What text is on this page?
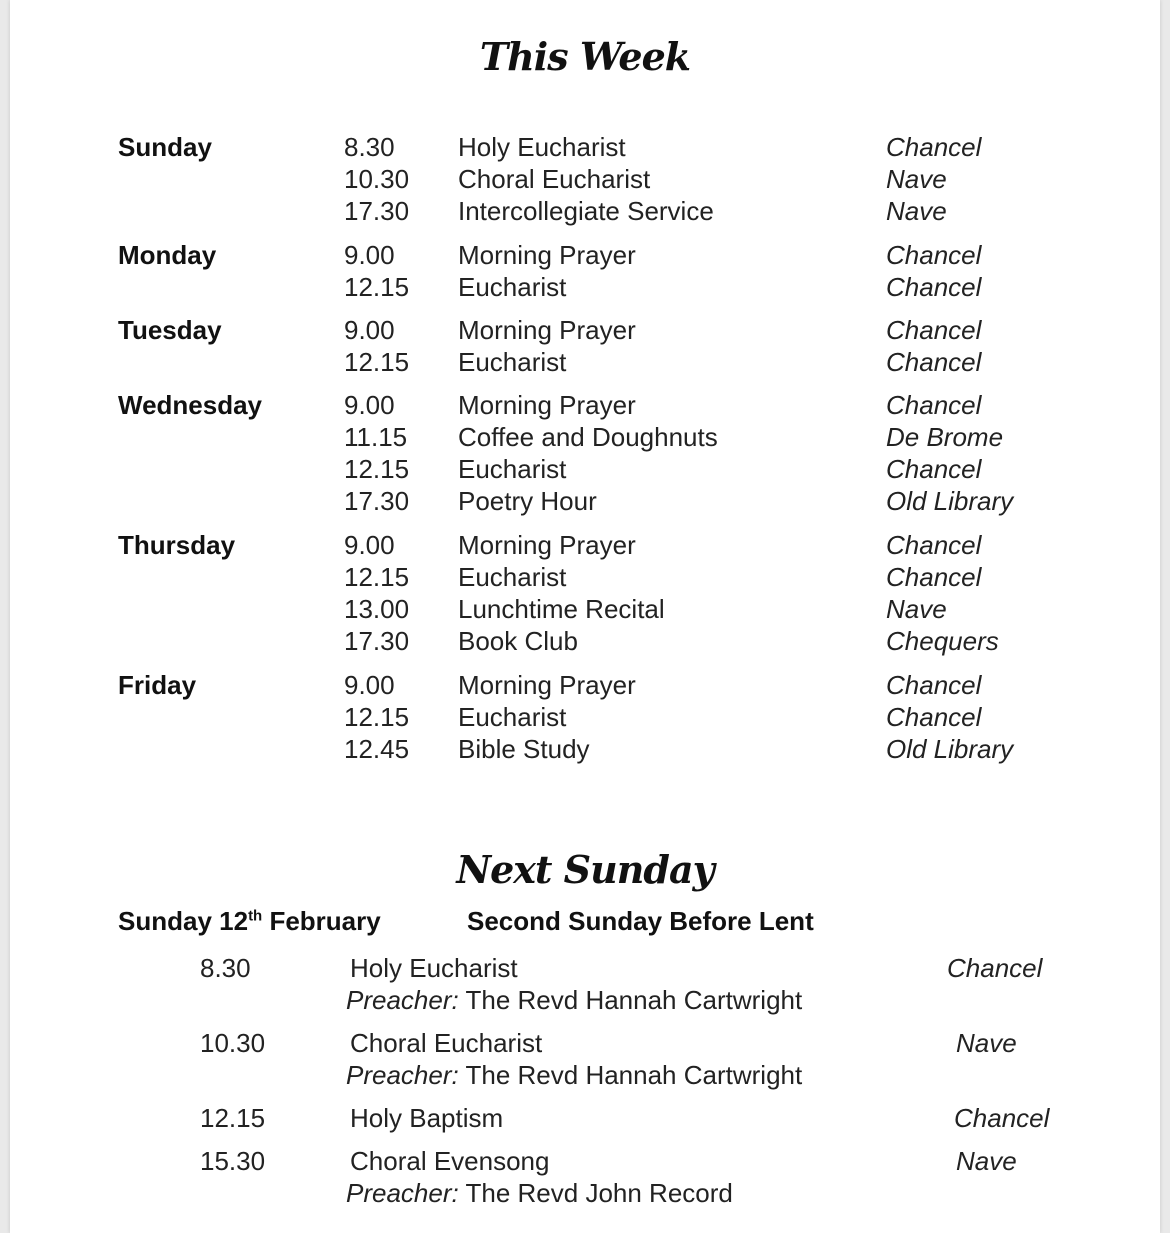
This Week
Sunday	8.30 Holy Eucharist	Chancel
10.30 Choral Eucharist	Nave
17.30 Intercollegiate Service	Nave
Monday	9.00 Morning Prayer	Chancel
12.15 Eucharist	Chancel
Tuesday	9.00 Morning Prayer	Chancel
12.15 Eucharist	Chancel
Wednesday	9.00 Morning Prayer	Chancel
11.15 Coffee and Doughnuts	De Brome
12.15 Eucharist	Chancel
17.30 Poetry Hour	Old Library
Thursday	9.00 Morning Prayer	Chancel
12.15 Eucharist	Chancel
13.00 Lunchtime Recital	Nave
17.30 Book Club	Chequers
Friday	9.00 Morning Prayer	Chancel
12.15 Eucharist	Chancel
12.45 Bible Study	Old Library
Next Sunday
Sunday 12th February	Second Sunday Before Lent
8.30	Holy Eucharist	Chancel
Preacher: The Revd Hannah Cartwright
10.30	Choral Eucharist	Nave
Preacher: The Revd Hannah Cartwright
12.15	Holy Baptism	Chancel
15.30	Choral Evensong	Nave
Preacher: The Revd John Record
